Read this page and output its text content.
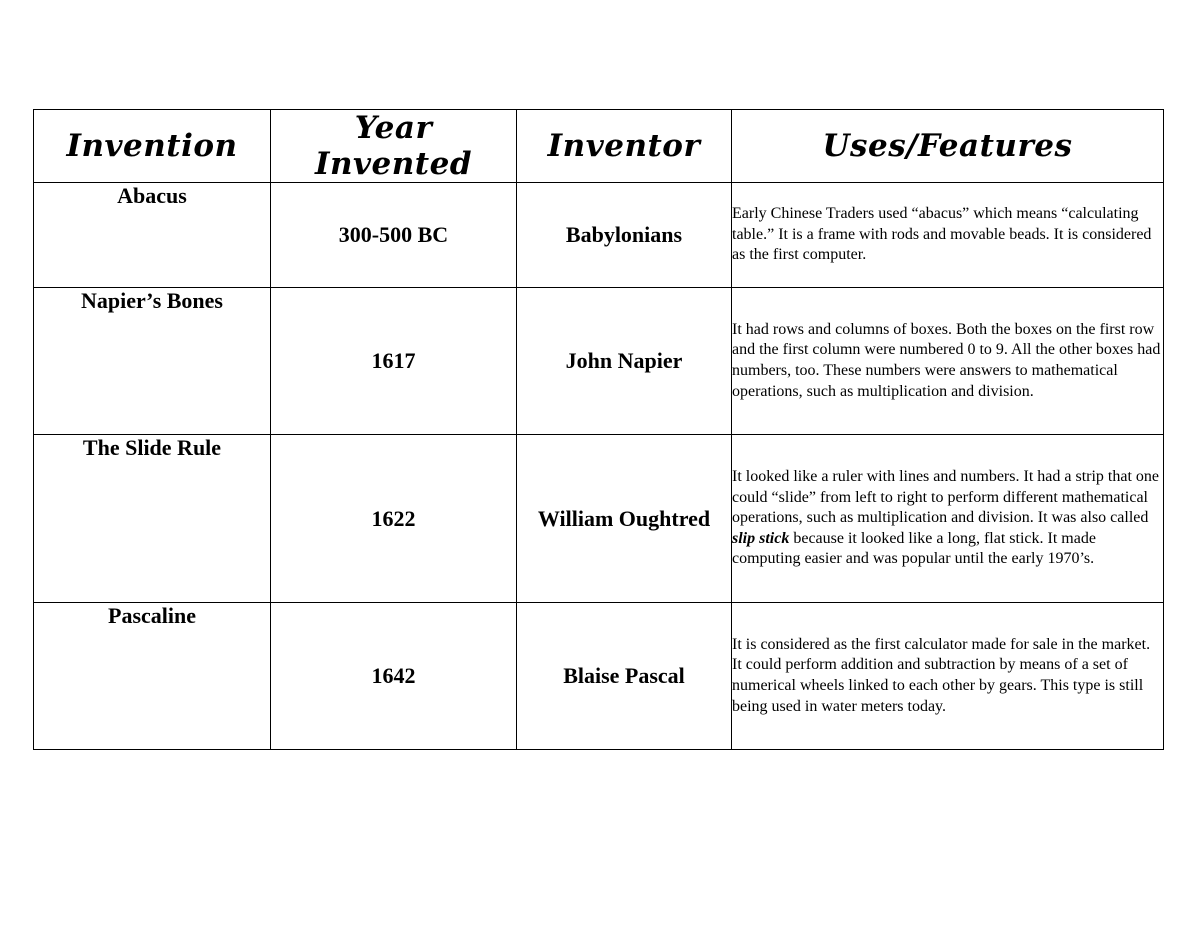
Invention	Year Invented	Inventor	Uses/Features
Abacus	300-500 BC	Babylonians	Early Chinese Traders used “abacus” which means “calculating table.” It is a frame with rods and movable beads. It is considered as the first computer.
Napier’s Bones	1617	John Napier	It had rows and columns of boxes. Both the boxes on the first row and the first column were numbered 0 to 9. All the other boxes had numbers, too. These numbers were answers to mathematical operations, such as multiplication and division.
The Slide Rule	1622	William Oughtred	It looked like a ruler with lines and numbers. It had a strip that one could “slide” from left to right to perform different mathematical operations, such as multiplication and division. It was also called slip stick because it looked like a long, flat stick. It made computing easier and was popular until the early 1970’s.
Pascaline	1642	Blaise Pascal	It is considered as the first calculator made for sale in the market. It could perform addition and subtraction by means of a set of numerical wheels linked to each other by gears. This type is still being used in water meters today.
